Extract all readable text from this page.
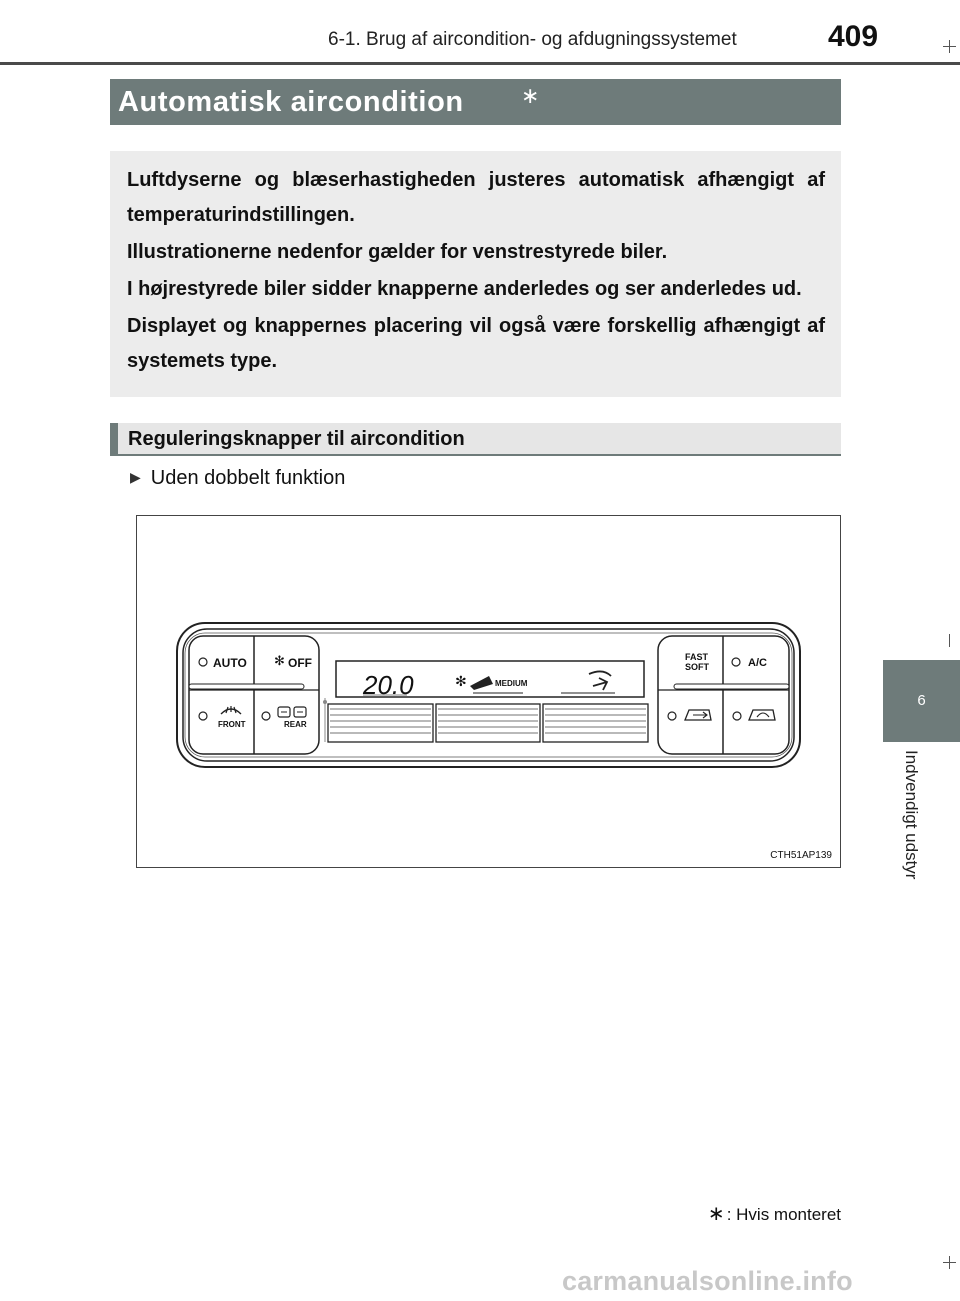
6-1. Brug af aircondition- og afdugningssystemet	409
6
Indvendigt udstyr
Automatisk aircondition	∗

Luftdyserne og blæserhastigheden justeres automatisk afhængigt af temperaturindstillingen.

Illustrationerne nedenfor gælder for venstrestyrede biler.

I højrestyrede biler sidder knapperne anderledes og ser anderledes ud.

Displayet og knappernes placering vil også være forskellig afhængigt af systemets type.

Reguleringsknapper til aircondition
▶ Uden dobbelt funktion
20.0	✻	MEDIUM
AUTO ✻ OFF
FRONT	REAR
FAST
SOFT	A/C
CTH51AP139
∗ : Hvis monteret
carmanualsonline.info
